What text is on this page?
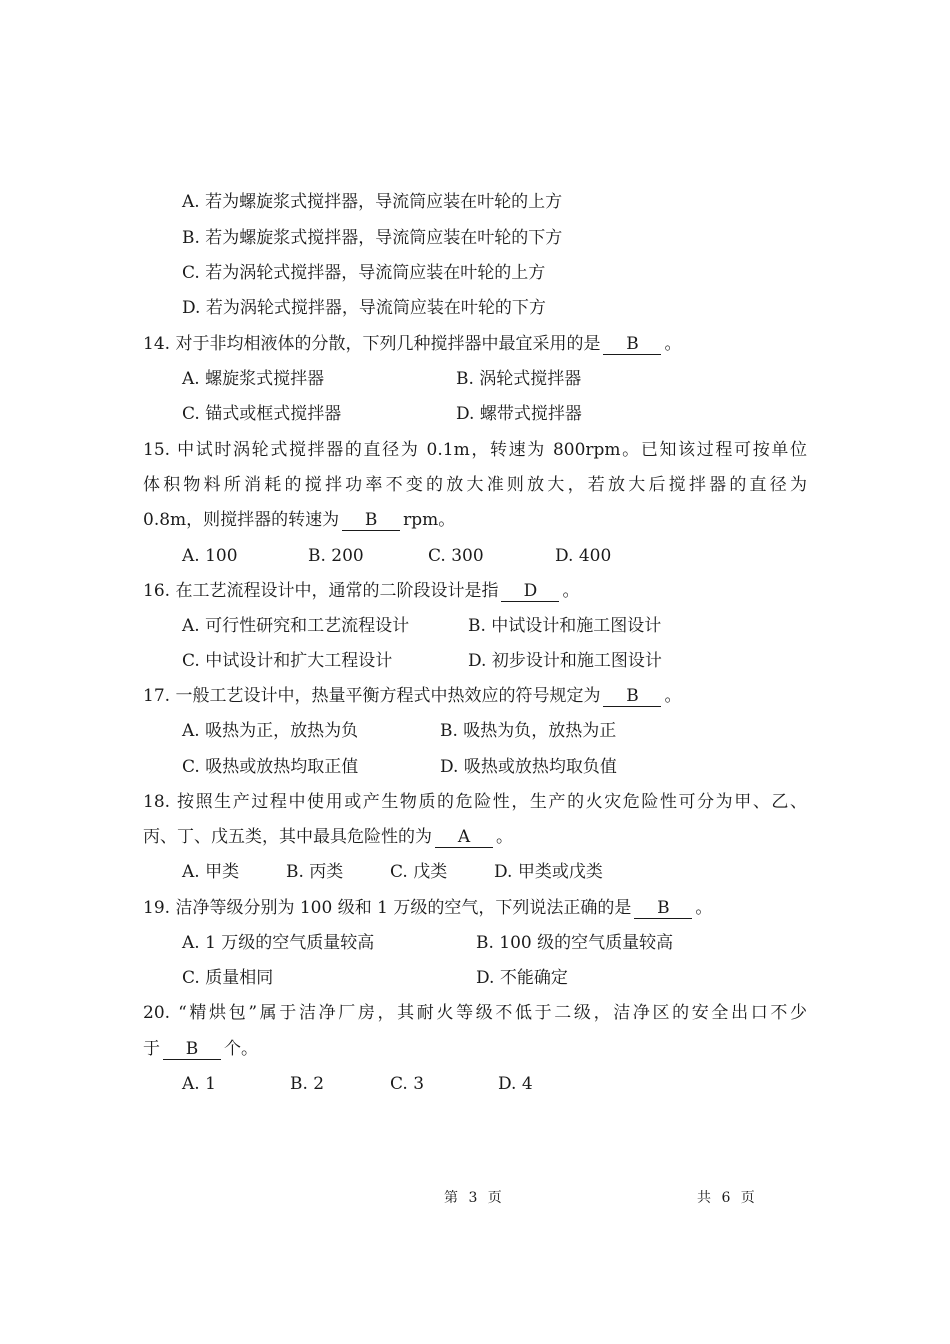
A. 若为螺旋浆式搅拌器，导流筒应装在叶轮的上方
B. 若为螺旋浆式搅拌器，导流筒应装在叶轮的下方
C. 若为涡轮式搅拌器，导流筒应装在叶轮的上方
D. 若为涡轮式搅拌器，导流筒应装在叶轮的下方
14. 对于非均相液体的分散，下列几种搅拌器中最宜采用的是 B 。
A. 螺旋浆式搅拌器	B. 涡轮式搅拌器
C. 锚式或框式搅拌器	D. 螺带式搅拌器
15. 中试时涡轮式搅拌器的直径为 0.1m，转速为 800rpm。已知该过程可按单位
体积物料所消耗的搅拌功率不变的放大准则放大，若放大后搅拌器的直径为
0.8m，则搅拌器的转速为 B rpm。
A. 100	B. 200	C. 300	D. 400
16. 在工艺流程设计中，通常的二阶段设计是指 D 。
A. 可行性研究和工艺流程设计	B. 中试设计和施工图设计
C. 中试设计和扩大工程设计	D. 初步设计和施工图设计
17. 一般工艺设计中，热量平衡方程式中热效应的符号规定为 B 。
A. 吸热为正，放热为负	B. 吸热为负，放热为正
C. 吸热或放热均取正值	D. 吸热或放热均取负值
18. 按照生产过程中使用或产生物质的危险性，生产的火灾危险性可分为甲、乙、
丙、丁、戊五类，其中最具危险性的为 A 。
A. 甲类	B. 丙类	C. 戊类	D. 甲类或戊类
19. 洁净等级分别为 100 级和 1 万级的空气，下列说法正确的是 B 。
A. 1 万级的空气质量较高	B. 100 级的空气质量较高
C. 质量相同	D. 不能确定
20. “精烘包”属于洁净厂房，其耐火等级不低于二级，洁净区的安全出口不少
于 B 个。
A. 1	B. 2	C. 3	D. 4
第 3 页	共 6 页
